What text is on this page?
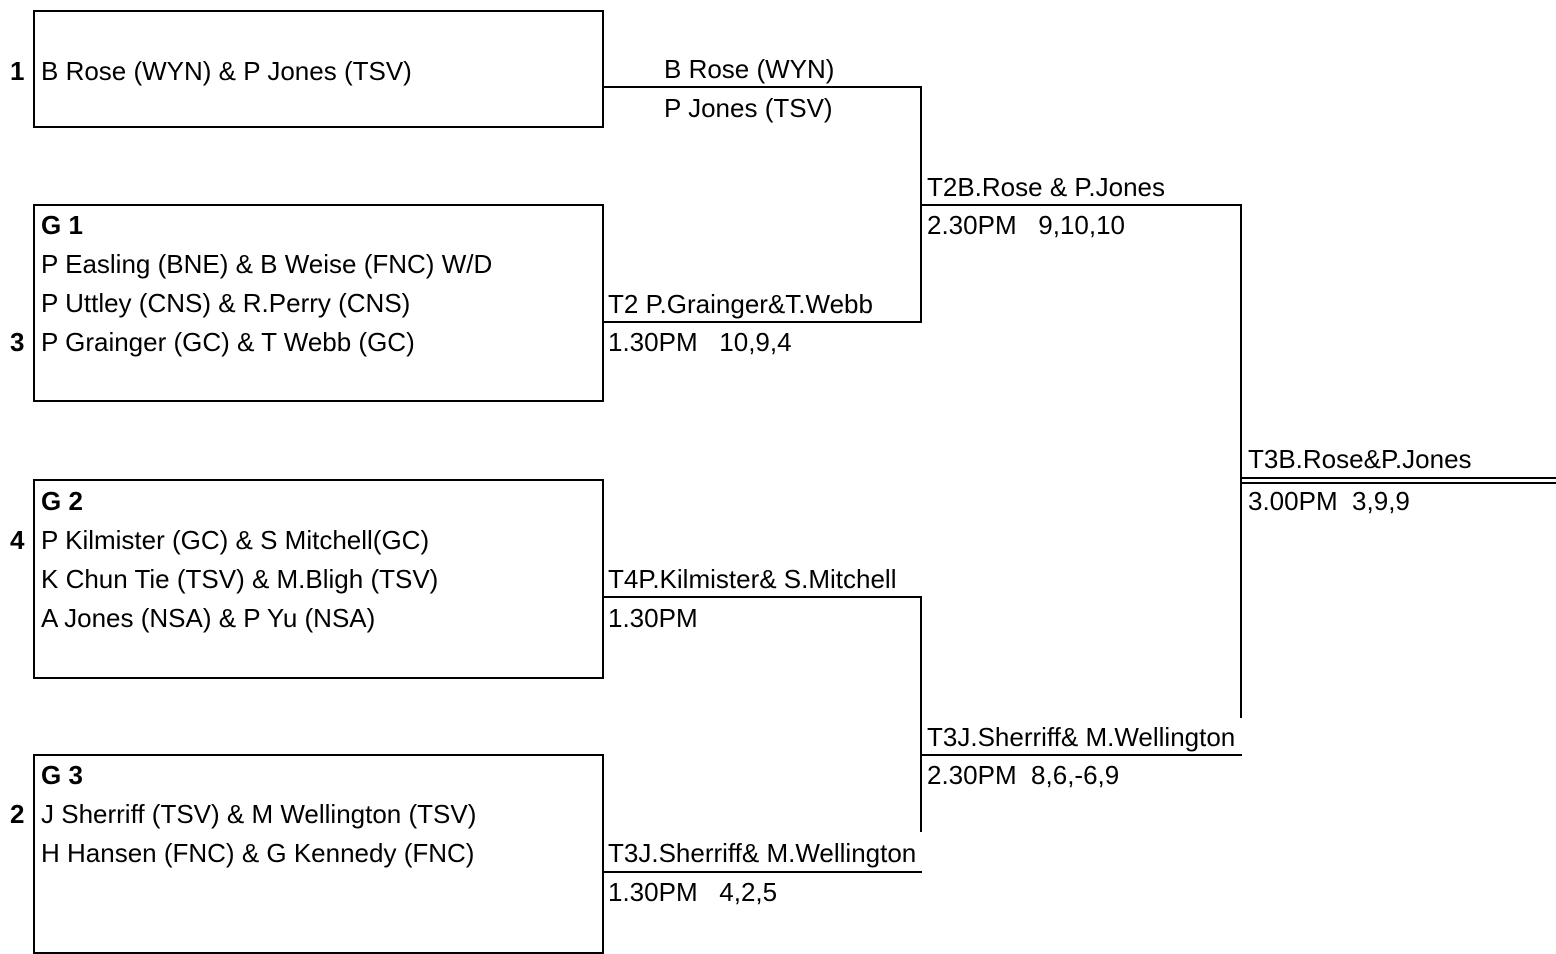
1
3
4
2
B Rose (WYN) & P Jones (TSV)
G 1
P Easling (BNE) & B Weise (FNC) W/D
P Uttley (CNS) & R.Perry (CNS)
P Grainger (GC) & T Webb (GC)
G 2
P Kilmister (GC) & S Mitchell(GC)
K Chun Tie (TSV) & M.Bligh (TSV)
A Jones (NSA) & P Yu (NSA)
G 3
J Sherriff (TSV) & M Wellington (TSV)
H Hansen (FNC) & G Kennedy (FNC)
B Rose (WYN)
P Jones (TSV)
T2 P.Grainger&T.Webb
1.30PM   10,9,4
T4P.Kilmister& S.Mitchell
1.30PM
T3J.Sherriff& M.Wellington
1.30PM   4,2,5
T2B.Rose & P.Jones
2.30PM   9,10,10
T3J.Sherriff& M.Wellington
2.30PM  8,6,-6,9
T3B.Rose&P.Jones
3.00PM  3,9,9
